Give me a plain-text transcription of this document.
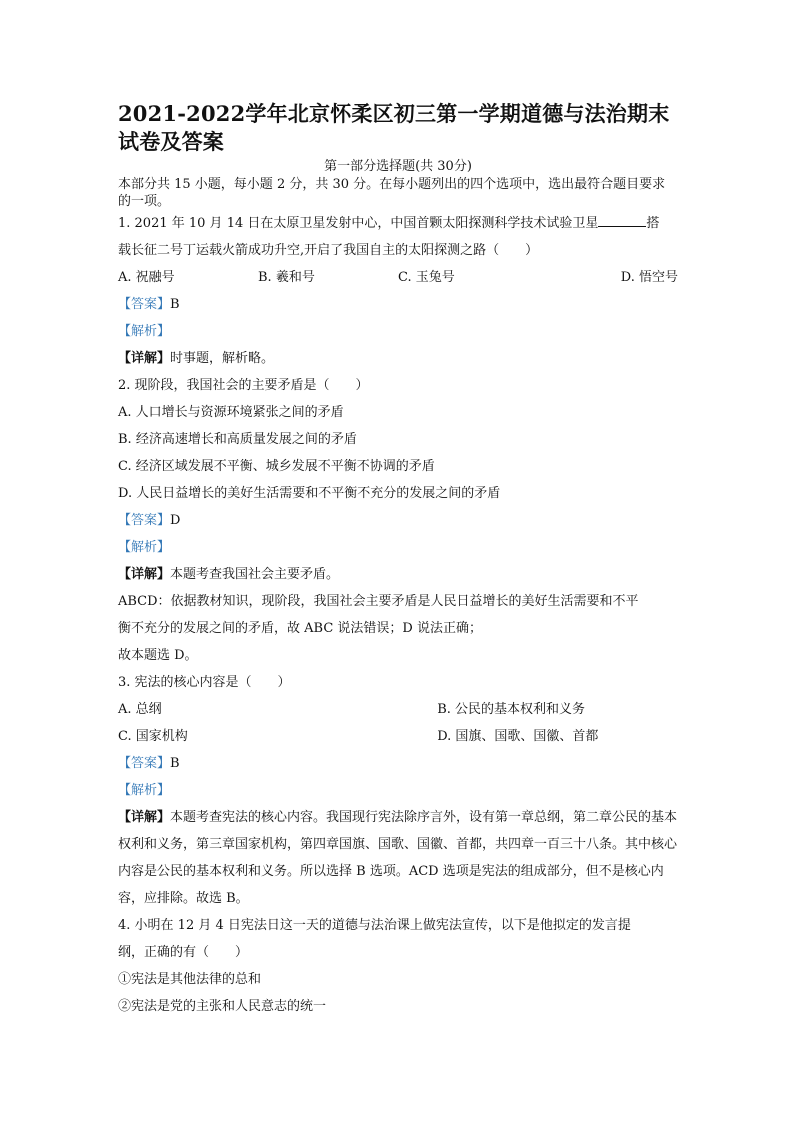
2021-2022学年北京怀柔区初三第一学期道德与法治期末试卷及答案
第一部分选择题(共 30分)
本部分共 15 小题，每小题 2 分，共 30 分。在每小题列出的四个选项中，选出最符合题目要求的一项。
1. 2021 年 10 月 14 日在太原卫星发射中心，中国首颗太阳探测科学技术试验卫星	搭
载长征二号丁运载火箭成功升空,开启了我国自主的太阳探测之路（　　）
A. 祝融号	B. 羲和号	C. 玉兔号	D. 悟空号
【答案】B
【解析】
【详解】时事题，解析略。
2. 现阶段，我国社会的主要矛盾是（　　）
A. 人口增长与资源环境紧张之间的矛盾
B. 经济高速增长和高质量发展之间的矛盾
C. 经济区域发展不平衡、城乡发展不平衡不协调的矛盾
D. 人民日益增长的美好生活需要和不平衡不充分的发展之间的矛盾
【答案】D
【解析】
【详解】本题考查我国社会主要矛盾。
ABCD：依据教材知识，现阶段，我国社会主要矛盾是人民日益增长的美好生活需要和不平
衡不充分的发展之间的矛盾，故 ABC 说法错误；D 说法正确；
故本题选 D。
3. 宪法的核心内容是（　　）
A. 总纲	B. 公民的基本权利和义务
C. 国家机构	D. 国旗、国歌、国徽、首都
【答案】B
【解析】
【详解】本题考查宪法的核心内容。我国现行宪法除序言外，设有第一章总纲，第二章公民的基本权利和义务，第三章国家机构，第四章国旗、国歌、国徽、首都，共四章一百三十八条。其中核心内容是公民的基本权利和义务。所以选择 B 选项。ACD 选项是宪法的组成部分，但不是核心内容，应排除。故选 B。
4. 小明在 12 月 4 日宪法日这一天的道德与法治课上做宪法宣传，以下是他拟定的发言提
纲，正确的有（　　）
①宪法是其他法律的总和
②宪法是党的主张和人民意志的统一
